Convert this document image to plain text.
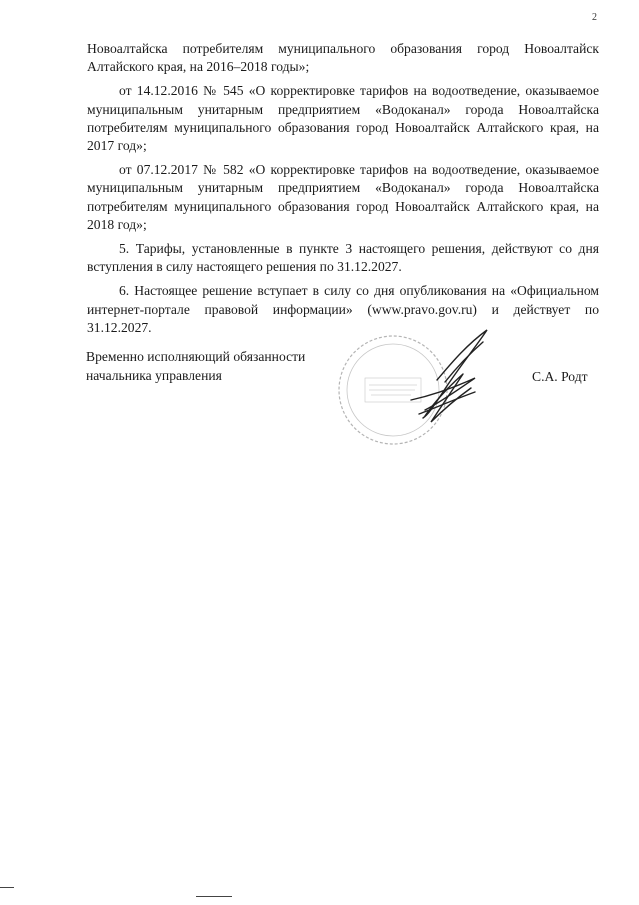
2

Новоалтайска потребителям муниципального образования город Новоалтайск Алтайского края, на 2016–2018 годы»;

от 14.12.2016 № 545 «О корректировке тарифов на водоотведение, оказываемое муниципальным унитарным предприятием «Водоканал» города Новоалтайска потребителям муниципального образования город Новоалтайск Алтайского края, на 2017 год»;

от 07.12.2017 № 582 «О корректировке тарифов на водоотведение, оказываемое муниципальным унитарным предприятием «Водоканал» города Новоалтайска потребителям муниципального образования город Новоалтайск Алтайского края, на 2018 год»;

5. Тарифы, установленные в пункте 3 настоящего решения, действуют со дня вступления в силу настоящего решения по 31.12.2027.

6. Настоящее решение вступает в силу со дня опубликования на «Официальном интернет-портале правовой информации» (www.pravo.gov.ru) и действует по 31.12.2027.

Временно исполняющий обязанности
начальника управления	С.А. Родт
